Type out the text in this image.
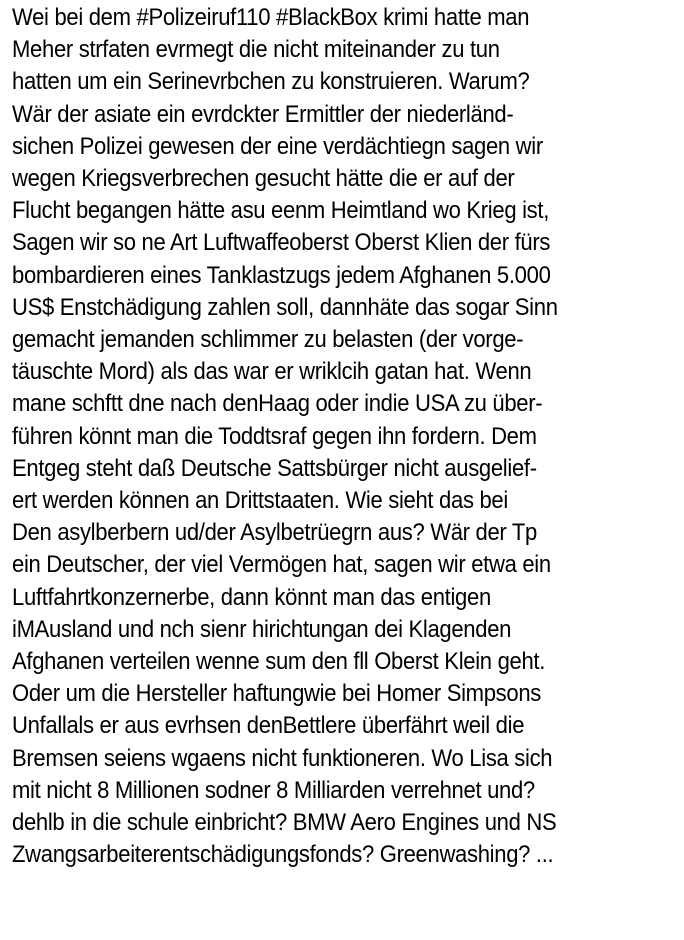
Wei bei dem #Polizeiruf110 #BlackBox krimi hatte man
Meher strfaten evrmegt die nicht miteinander zu tun
hatten um ein Serinevrbchen zu konstruieren. Warum?
Wär der asiate ein evrdckter Ermittler der niederländ-
sichen Polizei gewesen der eine verdächtiegn sagen wir
wegen Kriegsverbrechen gesucht hätte die er auf der
Flucht begangen hätte asu eenm Heimtland wo Krieg ist,
Sagen wir so ne Art Luftwaffeoberst Oberst Klien der fürs
bombardieren eines Tanklastzugs jedem Afghanen 5.000
US$ Enstchädigung zahlen soll, dannhäte das sogar Sinn
gemacht jemanden schlimmer zu belasten (der vorge-
täuschte Mord) als das war er wriklcih gatan hat. Wenn
mane schftt dne nach denHaag oder indie USA zu über-
führen könnt man die Toddtsraf gegen ihn fordern. Dem
Entgeg steht daß Deutsche Sattsbürger nicht ausgelief-
ert werden können an Drittstaaten. Wie sieht das bei
Den asylberbern ud/der Asylbetrüegrn aus? Wär der Tp
ein Deutscher, der viel Vermögen hat, sagen wir etwa ein
Luftfahrtkonzernerbe, dann könnt man das entigen
iMAusland und nch sienr hirichtungan dei Klagenden
Afghanen verteilen wenne sum den fll Oberst Klein geht.
Oder um die Hersteller haftungwie bei Homer Simpsons
Unfallals er aus evrhsen denBettlere überfährt weil die
Bremsen seiens wgaens nicht funktioneren. Wo Lisa sich
mit nicht 8 Millionen sodner 8 Milliarden verrehnet und?
dehlb in die schule einbricht? BMW Aero Engines und NS
Zwangsarbeiterentschädigungsfonds? Greenwashing? ...
